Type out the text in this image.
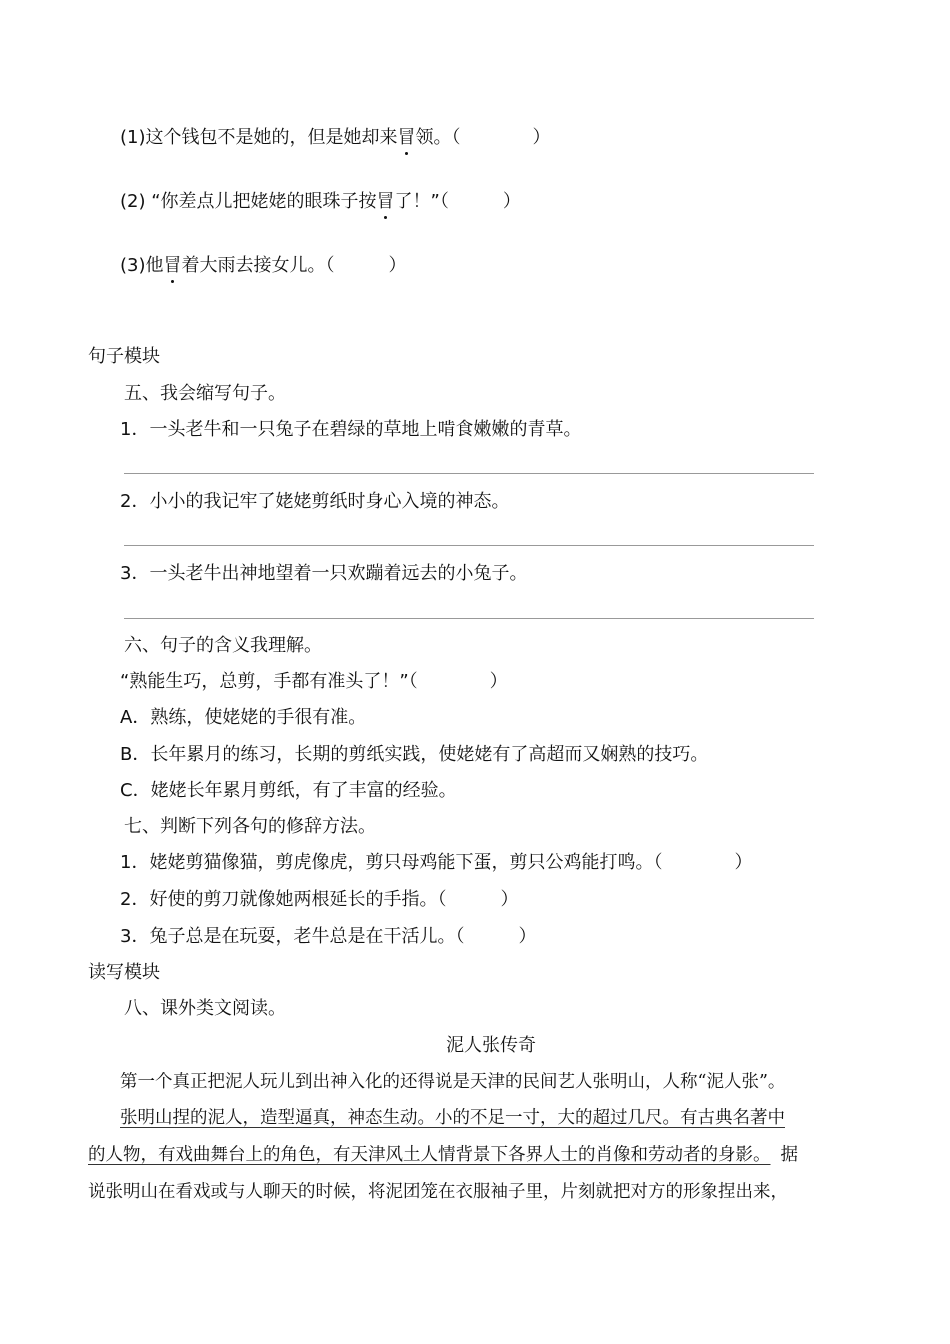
(1)这个钱包不是她的，但是她却来冒领。（　　　　）
(2) “你差点儿把姥姥的眼珠子按冒了！”（　　　）
(3)他冒着大雨去接女儿。（　　　）
句子模块
五、我会缩写句子。
1．一头老牛和一只兔子在碧绿的草地上啃食嫩嫩的青草。
2．小小的我记牢了姥姥剪纸时身心入境的神态。
3．一头老牛出神地望着一只欢蹦着远去的小兔子。
六、句子的含义我理解。
“熟能生巧，总剪，手都有准头了！”（　　　　）
A．熟练，使姥姥的手很有准。
B．长年累月的练习，长期的剪纸实践，使姥姥有了高超而又娴熟的技巧。
C．姥姥长年累月剪纸，有了丰富的经验。
七、判断下列各句的修辞方法。
1．姥姥剪猫像猫，剪虎像虎，剪只母鸡能下蛋，剪只公鸡能打鸣。（　　　　）
2．好使的剪刀就像她两根延长的手指。（　　　）
3．兔子总是在玩耍，老牛总是在干活儿。（　　　）
读写模块
八、课外类文阅读。
泥人张传奇
第一个真正把泥人玩儿到出神入化的还得说是天津的民间艺人张明山，人称“泥人张”。
张明山捏的泥人，造型逼真，神态生动。小的不足一寸，大的超过几尺。有古典名著中
的人物，有戏曲舞台上的角色，有天津风土人情背景下各界人士的肖像和劳动者的身影。 据
说张明山在看戏或与人聊天的时候，将泥团笼在衣服袖子里，片刻就把对方的形象捏出来，
